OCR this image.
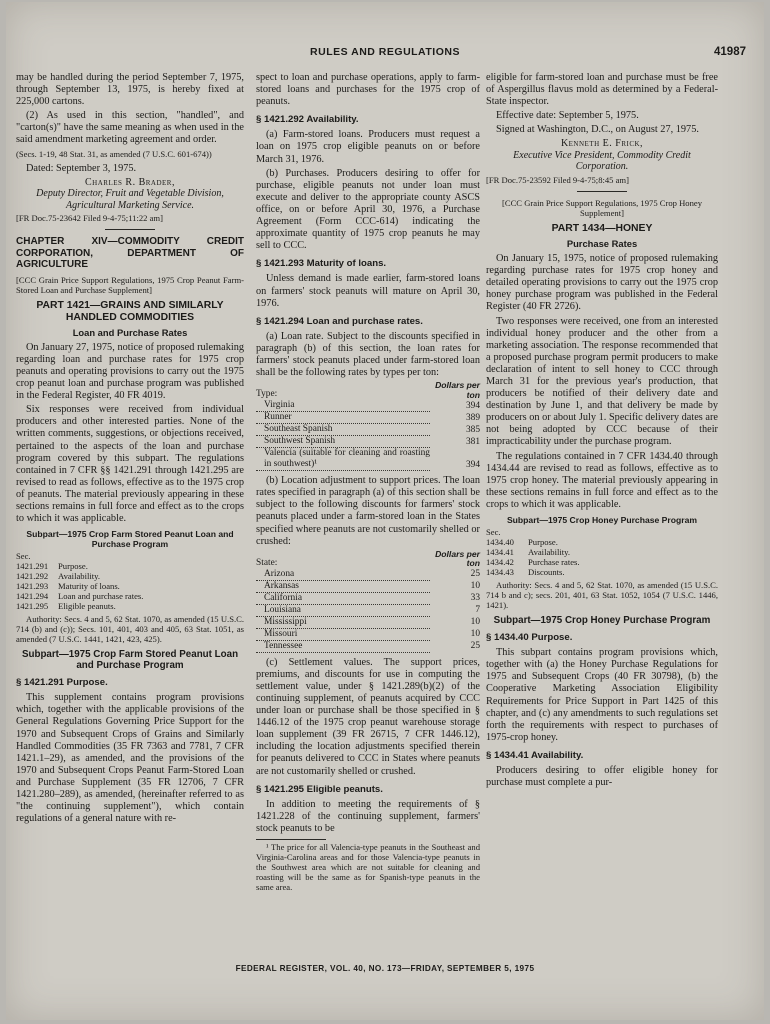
RULES AND REGULATIONS	41987

may be handled during the period September 7, 1975, through September 13, 1975, is hereby fixed at 225,000 cartons.

(2) As used in this section, "handled", and "carton(s)" have the same meaning as when used in the said amendment marketing agreement and order.

(Secs. 1-19, 48 Stat. 31, as amended (7 U.S.C. 601-674))

Dated: September 3, 1975.

Charles R. Brader,
Deputy Director, Fruit and Vegetable Division, Agricultural Marketing Service.

[FR Doc.75-23642 Filed 9-4-75;11:22 am]

CHAPTER XIV—COMMODITY CREDIT CORPORATION, DEPARTMENT OF AGRICULTURE

[CCC Grain Price Support Regulations, 1975 Crop Peanut Farm-Stored Loan and Purchase Supplement]

PART 1421—GRAINS AND SIMILARLY HANDLED COMMODITIES
Loan and Purchase Rates

On January 27, 1975, notice of proposed rulemaking regarding loan and purchase rates for 1975 crop peanuts and operating provisions to carry out the 1975 crop peanut loan and purchase program was published in the Federal Register, 40 FR 4019.

Six responses were received from individual producers and other interested parties. None of the written comments, suggestions, or objections received, pertained to the aspects of the loan and purchase program covered by this subpart. The regulations contained in 7 CFR §§ 1421.291 through 1421.295 are revised to read as follows, effective as to the 1975 crop of peanuts. The material previously appearing in these sections remains in full force and effect as to the crops to which it was applicable.

Subpart—1975 Crop Farm Stored Peanut Loan and Purchase Program
Sec.
1421.291	Purpose.
1421.292	Availability.
1421.293	Maturity of loans.
1421.294	Loan and purchase rates.
1421.295	Eligible peanuts.

Authority: Secs. 4 and 5, 62 Stat. 1070, as amended (15 U.S.C. 714 (b) and (c)); Secs. 101, 401, 403 and 405, 63 Stat. 1051, as amended (7 U.S.C. 1441, 1421, 423, 425).

Subpart—1975 Crop Farm Stored Peanut Loan and Purchase Program
§ 1421.291 Purpose.

This supplement contains program provisions which, together with the applicable provisions of the General Regulations Governing Price Support for the 1970 and Subsequent Crops of Grains and Similarly Handled Commodities (35 FR 7363 and 7781, 7 CFR 1421.1–29), as amended, and the provisions of the 1970 and Subsequent Crops Peanut Farm-Stored Loan and Purchase Supplement (35 FR 12706, 7 CFR 1421.280–289), as amended, (hereinafter referred to as "the continuing supplement"), which contain regulations of a general nature with re-

spect to loan and purchase operations, apply to farm-stored loans and purchases for the 1975 crop of peanuts.

§ 1421.292 Availability.

(a) Farm-stored loans. Producers must request a loan on 1975 crop eligible peanuts on or before March 31, 1976.

(b) Purchases. Producers desiring to offer for purchase, eligible peanuts not under loan must execute and deliver to the appropriate county ASCS office, on or before April 30, 1976, a Purchase Agreement (Form CCC-614) indicating the approximate quantity of 1975 crop peanuts he may sell to CCC.

§ 1421.293 Maturity of loans.

Unless demand is made earlier, farm-stored loans on farmers' stock peanuts will mature on April 30, 1976.

§ 1421.294 Loan and purchase rates.

(a) Loan rate. Subject to the discounts specified in paragraph (b) of this section, the loan rates for farmers' stock peanuts placed under farm-stored loan shall be the following rates by types per ton:

Type:	Dollars per ton
Virginia	394
Runner	389
Southeast Spanish	385
Southwest Spanish	381
Valencia (suitable for cleaning and roasting in southwest)¹	394

(b) Location adjustment to support prices. The loan rates specified in paragraph (a) of this section shall be subject to the following discounts for farmers' stock peanuts placed under a farm-stored loan in the States specified where peanuts are not customarily shelled or crushed:

State:	Dollars per ton
Arizona	25
Arkansas	10
California	33
Louisiana	7
Mississippi	10
Missouri	10
Tennessee	25

(c) Settlement values. The support prices, premiums, and discounts for use in computing the settlement value, under § 1421.289(b)(2) of the continuing supplement, of peanuts acquired by CCC under loan or purchase shall be those specified in § 1446.12 of the 1975 crop peanut warehouse storage loan supplement (39 FR 26715, 7 CFR 1446.12), including the location adjustments specified therein for peanuts delivered to CCC in States where peanuts are not customarily shelled or crushed.

§ 1421.295 Eligible peanuts.

In addition to meeting the requirements of § 1421.228 of the continuing supplement, farmers' stock peanuts to be

¹ The price for all Valencia-type peanuts in the Southeast and Virginia-Carolina areas and for those Valencia-type peanuts in the Southwest area which are not suitable for cleaning and roasting will be the same as for Spanish-type peanuts in the same area.

eligible for farm-stored loan and purchase must be free of Aspergillus flavus mold as determined by a Federal-State inspector.

Effective date: September 5, 1975.

Signed at Washington, D.C., on August 27, 1975.

Kenneth E. Frick,
Executive Vice President, Commodity Credit Corporation.

[FR Doc.75-23592 Filed 9-4-75;8:45 am]

[CCC Grain Price Support Regulations, 1975 Crop Honey Supplement]

PART 1434—HONEY
Purchase Rates

On January 15, 1975, notice of proposed rulemaking regarding purchase rates for 1975 crop honey and detailed operating provisions to carry out the 1975 crop honey purchase program was published in the Federal Register (40 FR 2726).

Two responses were received, one from an interested individual honey producer and the other from a marketing association. The response recommended that a proposed purchase program permit producers to make declaration of intent to sell honey to CCC through March 31 for the previous year's production, that producers be notified of their delivery date and destination by June 1, and that delivery be made by producers on or about July 1. Specific delivery dates are not being adopted by CCC because of their impracticability under the purchase program.

The regulations contained in 7 CFR 1434.40 through 1434.44 are revised to read as follows, effective as to 1975 crop honey. The material previously appearing in these sections remains in full force and effect as to the crops to which it was applicable.

Subpart—1975 Crop Honey Purchase Program
Sec.
1434.40	Purpose.
1434.41	Availability.
1434.42	Purchase rates.
1434.43	Discounts.

Authority: Secs. 4 and 5, 62 Stat. 1070, as amended (15 U.S.C. 714 b and c); secs. 201, 401, 63 Stat. 1052, 1054 (7 U.S.C. 1446, 1421).

Subpart—1975 Crop Honey Purchase Program
§ 1434.40 Purpose.

This subpart contains program provisions which, together with (a) the Honey Purchase Regulations for 1975 and Subsequent Crops (40 FR 30798), (b) the Cooperative Marketing Association Eligibility Requirements for Price Support in Part 1425 of this chapter, and (c) any amendments to such regulations set forth the requirements with respect to purchases of 1975-crop honey.

§ 1434.41 Availability.

Producers desiring to offer eligible honey for purchase must complete a pur-

FEDERAL REGISTER, VOL. 40, NO. 173—FRIDAY, SEPTEMBER 5, 1975
